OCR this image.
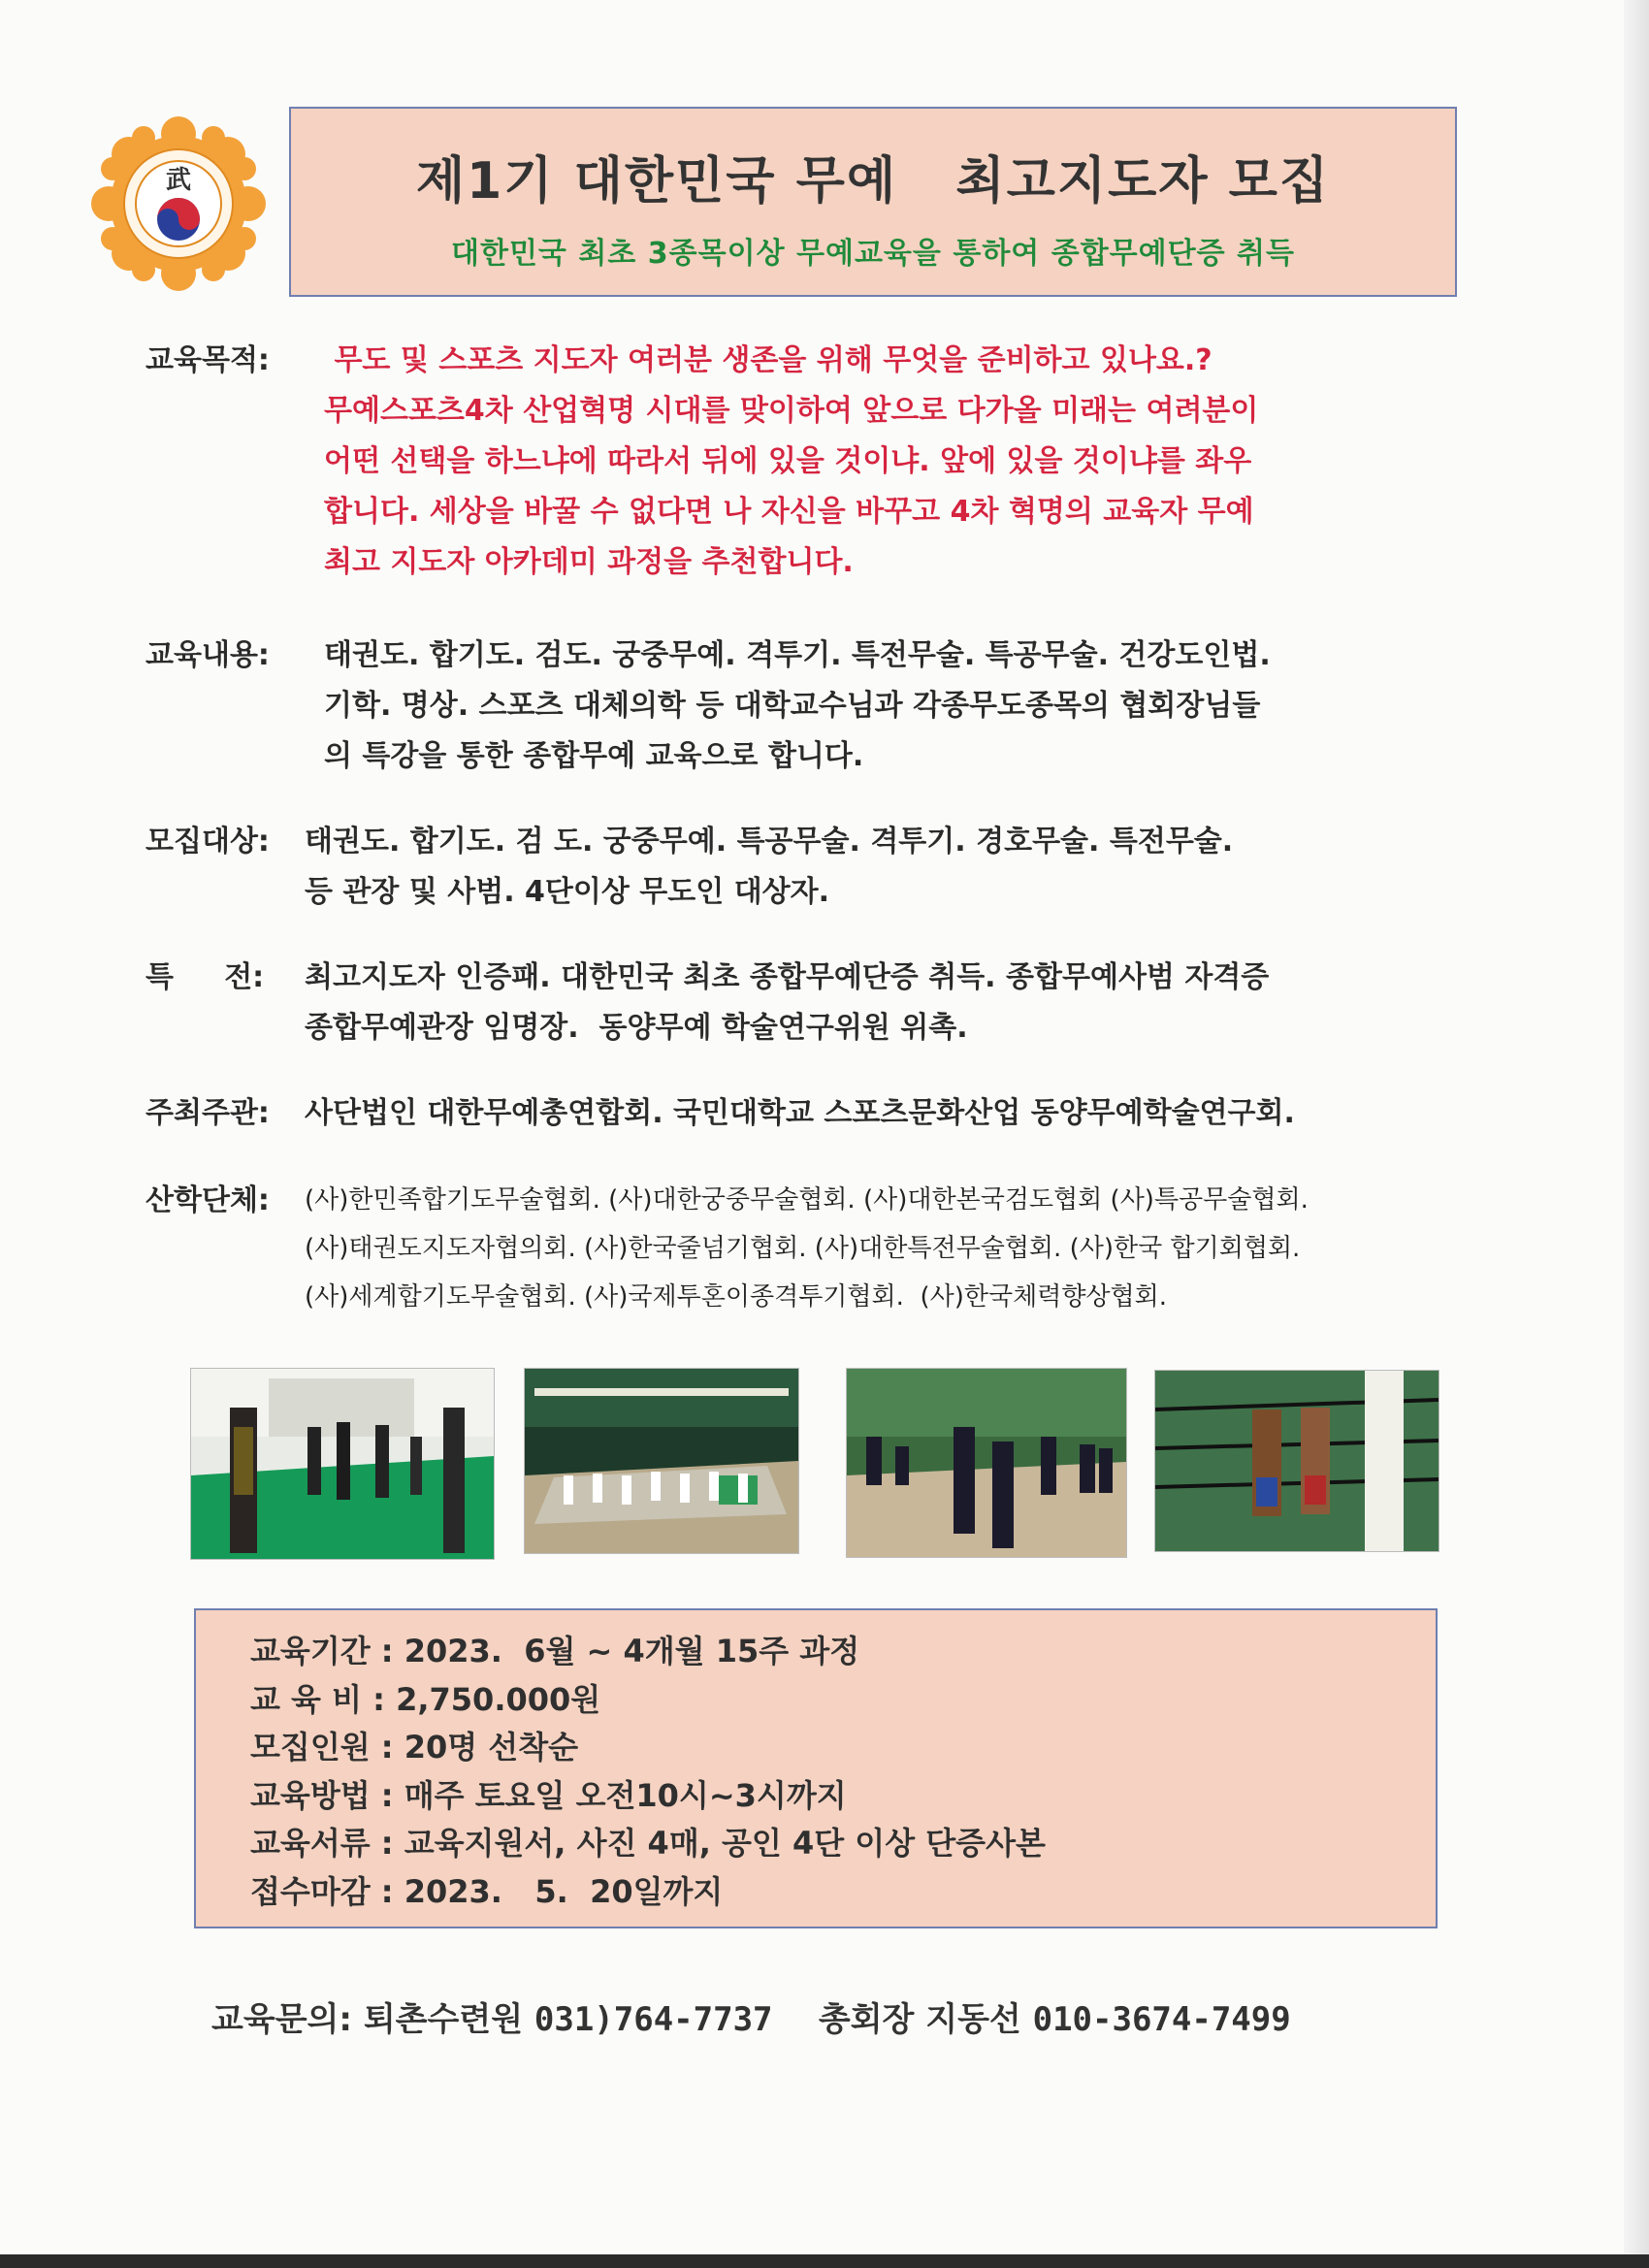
武	제1기 대한민국 무예   최고지도자 모집
대한민국 최초 3종목이상 무예교육을 통하여 종합무예단증 취득
교육목적: 무도 및 스포츠 지도자 여러분 생존을 위해 무엇을 준비하고 있나요.?
무예스포츠4차 산업혁명 시대를 맞이하여 앞으로 다가올 미래는 여려분이
어떤 선택을 하느냐에 따라서 뒤에 있을 것이냐. 앞에 있을 것이냐를 좌우
합니다. 세상을 바꿀 수 없다면 나 자신을 바꾸고 4차 혁명의 교육자 무예
최고 지도자 아카데미 과정을 추천합니다.
교육내용: 태권도. 합기도. 검도. 궁중무예. 격투기. 특전무술. 특공무술. 건강도인법.
기학. 명상. 스포츠 대체의학 등 대학교수님과 각종무도종목의 협회장님들
의 특강을 통한 종합무예 교육으로 합니다.
모집대상: 태권도. 합기도. 검 도. 궁중무예. 특공무술. 격투기. 경호무술. 특전무술.
등 관장 및 사범. 4단이상 무도인 대상자.
특     전: 최고지도자 인증패. 대한민국 최초 종합무예단증 취득. 종합무예사범 자격증
종합무예관장 임명장.  동양무예 학술연구위원 위촉.
주최주관: 사단법인 대한무예총연합회. 국민대학교 스포츠문화산업 동양무예학술연구회.
산학단체: (사)한민족합기도무술협회. (사)대한궁중무술협회. (사)대한본국검도협회 (사)특공무술협회.
(사)태권도지도자협의회. (사)한국줄넘기협회. (사)대한특전무술협회. (사)한국 합기회협회.
(사)세계합기도무술협회. (사)국제투혼이종격투기협회.  (사)한국체력향상협회.
교육기간 : 2023.  6월 ~ 4개월 15주 과정
교 육 비 : 2,750.000원
모집인원 : 20명 선착순
교육방법 : 매주 토요일 오전10시~3시까지
교육서류 : 교육지원서, 사진 4매, 공인 4단 이상 단증사본
접수마감 : 2023.   5.  20일까지
교육문의: 퇴촌수련원 031)764-7737    총회장 지동선 010-3674-7499
